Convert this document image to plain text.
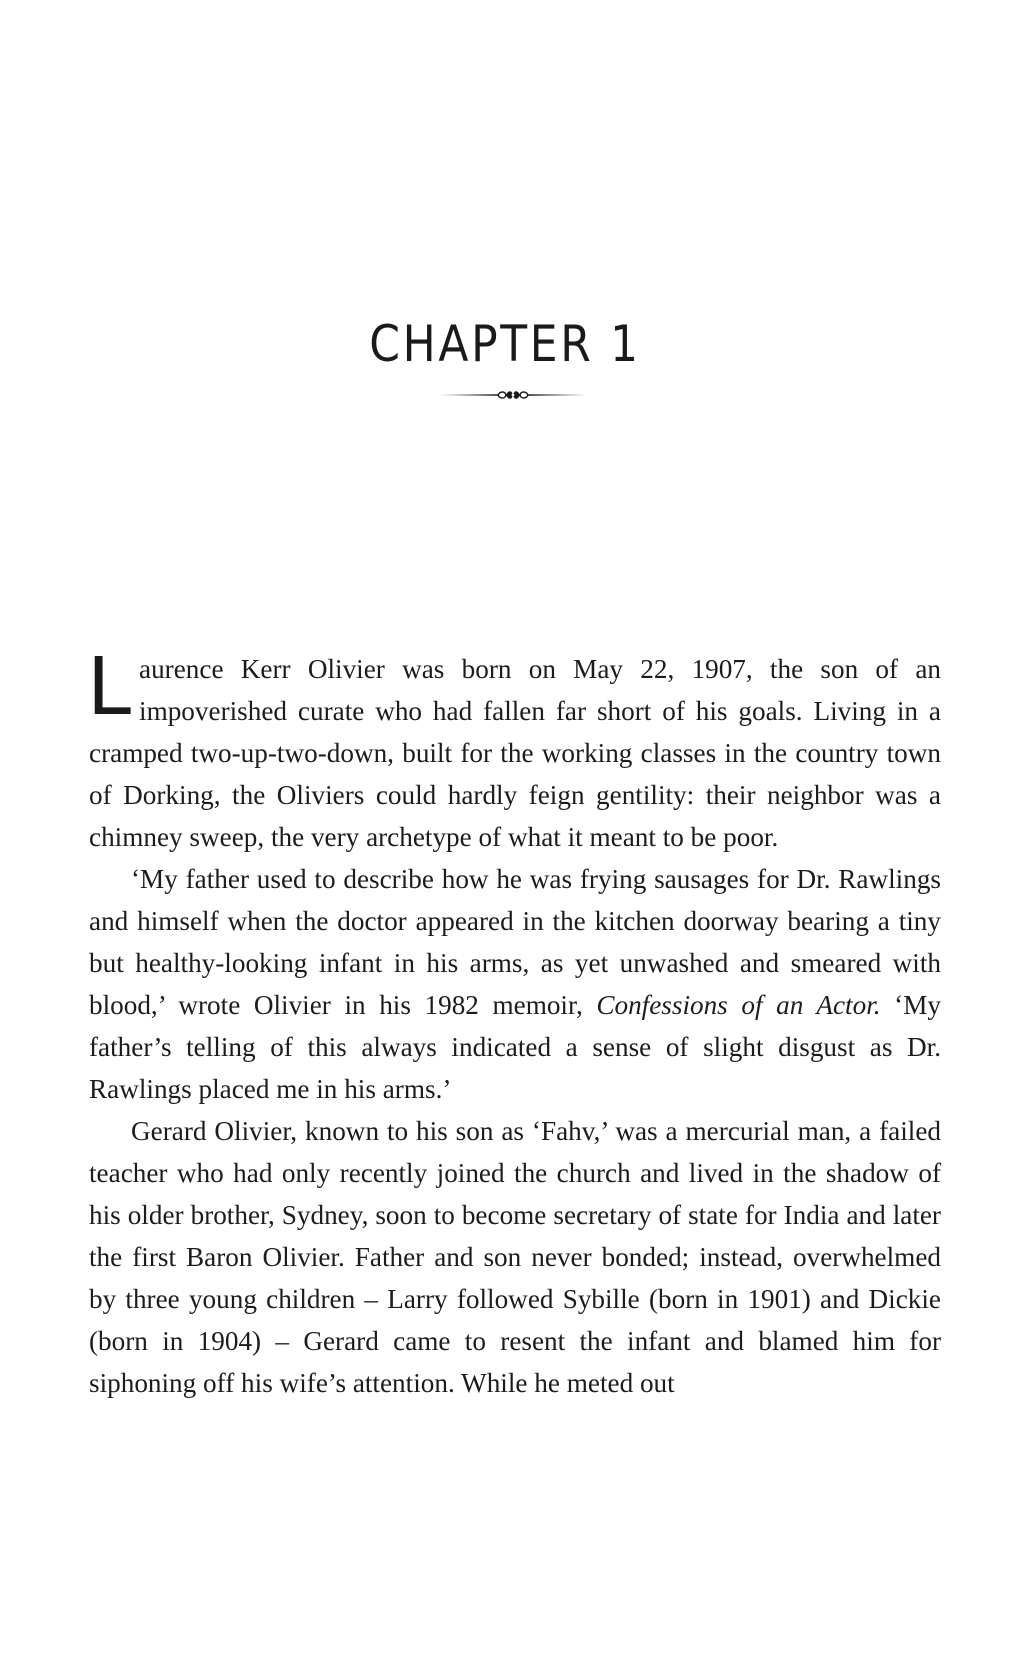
CHAPTER 1

Laurence Kerr Olivier was born on May 22, 1907, the son of an impoverished curate who had fallen far short of his goals. Living in a cramped two-up-two-down, built for the working classes in the country town of Dorking, the Oliviers could hardly feign gentility: their neighbor was a chimney sweep, the very archetype of what it meant to be poor.

‘My father used to describe how he was frying sausages for Dr. Rawlings and himself when the doctor appeared in the kitchen doorway bearing a tiny but healthy-looking infant in his arms, as yet unwashed and smeared with blood,’ wrote Olivier in his 1982 memoir, Confessions of an Actor. ‘My father’s telling of this always indicated a sense of slight disgust as Dr. Rawlings placed me in his arms.’

Gerard Olivier, known to his son as ‘Fahv,’ was a mercurial man, a failed teacher who had only recently joined the church and lived in the shadow of his older brother, Sydney, soon to become secretary of state for India and later the first Baron Olivier. Father and son never bonded; instead, overwhelmed by three young children – Larry followed Sybille (born in 1901) and Dickie (born in 1904) – Gerard came to resent the infant and blamed him for siphoning off his wife’s attention. While he meted out
